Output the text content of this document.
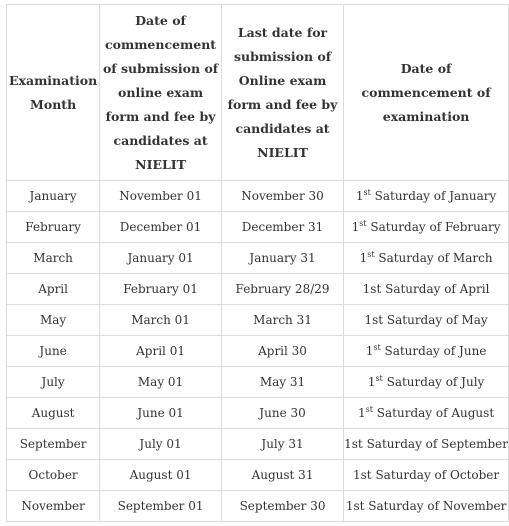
Examination Month	Date of commencement of submission of online exam form and fee by candidates at NIELIT	Last date for submission of Online exam form and fee by candidates at NIELIT	Date of commencement of examination
January	November 01	November 30	1st Saturday of January
February	December 01	December 31	1st Saturday of February
March	January 01	January 31	1st Saturday of March
April	February 01	February 28/29	1st Saturday of April
May	March 01	March 31	1st Saturday of May
June	April 01	April 30	1st Saturday of June
July	May 01	May 31	1st Saturday of July
August	June 01	June 30	1st Saturday of August
September	July 01	July 31	1st Saturday of September
October	August 01	August 31	1st Saturday of October
November	September 01	September 30	1st Saturday of November
